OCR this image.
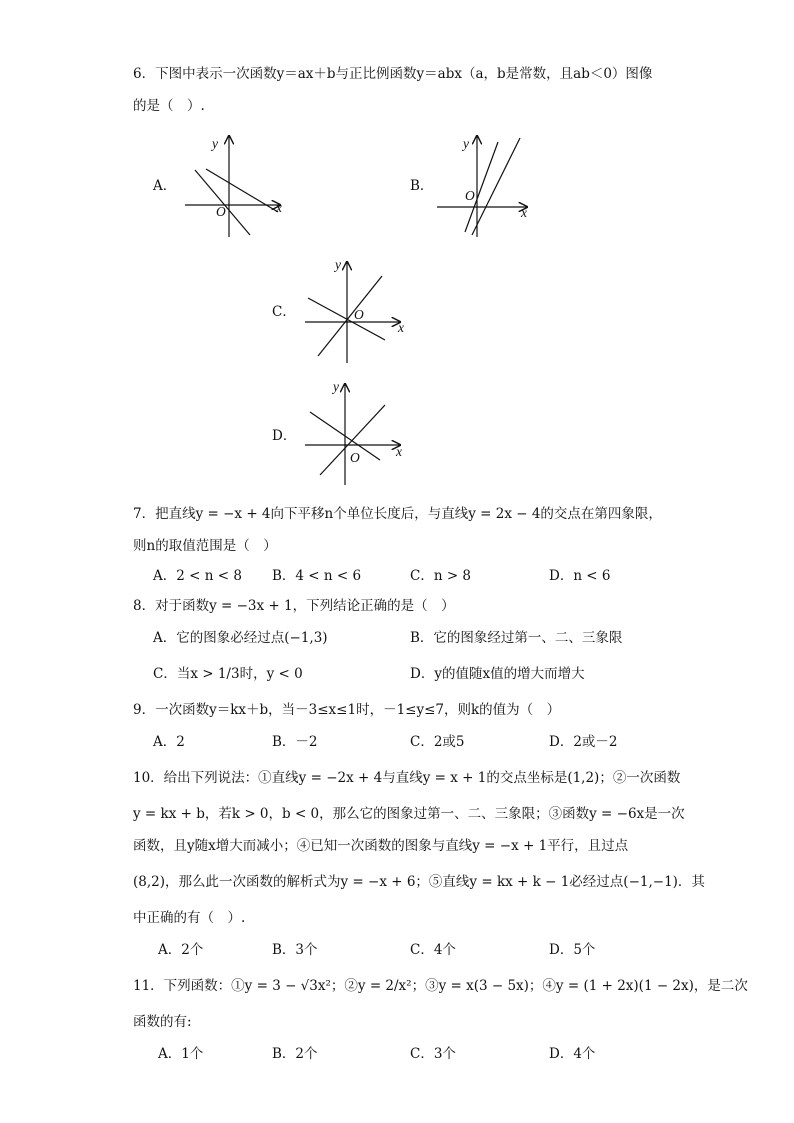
6．下图中表示一次函数y＝ax＋b与正比例函数y＝abx（a，b是常数，且ab＜0）图像
的是（　）.
A．
y
x
O
B．
y
x
O
C．
y
x
O
D．
y
x
O
7．把直线y = −x + 4向下平移n个单位长度后，与直线y = 2x − 4的交点在第四象限，
则n的取值范围是（　）
A．2 < n < 8 B．4 < n < 6	C．n > 8	D．n < 6
8．对于函数y = −3x + 1，下列结论正确的是（　）
A．它的图象必经过点(−1,3)	B．它的图象经过第一、二、三象限
C．当x > 1/3时，y < 0	D．y的值随x值的增大而增大
9．一次函数y＝kx＋b，当－3≤x≤1时，－1≤y≤7，则k的值为（　）
A．2	B．－2	C．2或5	D．2或－2
10．给出下列说法：①直线y = −2x + 4与直线y = x + 1的交点坐标是(1,2)；②一次函数
y = kx + b，若k > 0，b < 0，那么它的图象过第一、二、三象限；③函数y = −6x是一次
函数，且y随x增大而减小；④已知一次函数的图象与直线y = −x + 1平行，且过点
(8,2)，那么此一次函数的解析式为y = −x + 6；⑤直线y = kx + k − 1必经过点(−1,−1)．其
中正确的有（　）.
A．2个	B．3个	C．4个	D．5个
11．下列函数：①y = 3 − √3x²；②y = 2/x²；③y = x(3 − 5x)；④y = (1 + 2x)(1 − 2x)，是二次
函数的有:
A．1个	B．2个	C．3个	D．4个
